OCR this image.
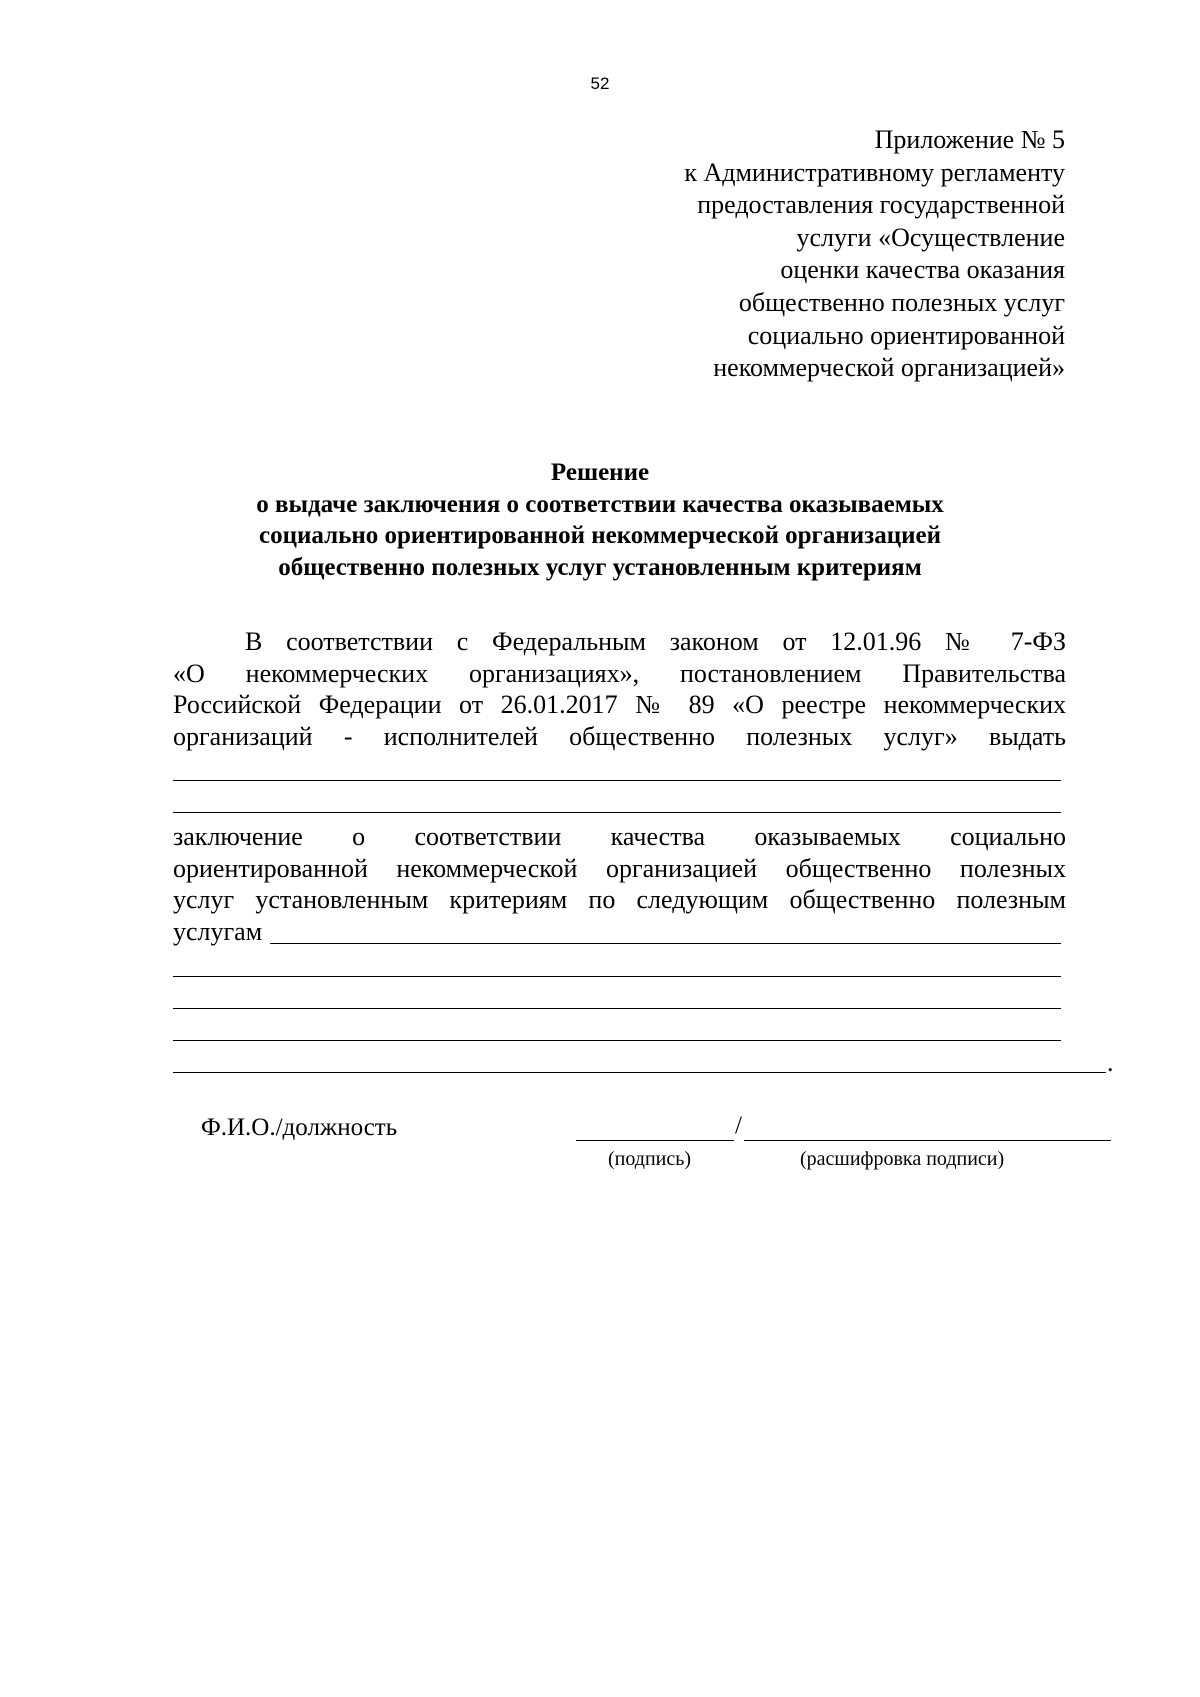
52
Приложение № 5
к Административному регламенту
предоставления государственной
услуги «Осуществление
оценки качества оказания
общественно полезных услуг
социально ориентированной
некоммерческой организацией»
Решение
о выдаче заключения о соответствии качества оказываемых
социально ориентированной некоммерческой организацией
общественно полезных услуг установленным критериям
В соответствии с Федеральным законом от 12.01.96 № 7-ФЗ
«О некоммерческих организациях», постановлением Правительства
Российской Федерации от 26.01.2017 № 89 «О реестре некоммерческих
организаций - исполнителей общественно полезных услуг» выдать
заключение о соответствии качества оказываемых социально
ориентированной некоммерческой организацией общественно полезных
услуг установленным критериям по следующим общественно полезным
услугам
.
Ф.И.О./должность	/
(подпись)	(расшифровка подписи)
